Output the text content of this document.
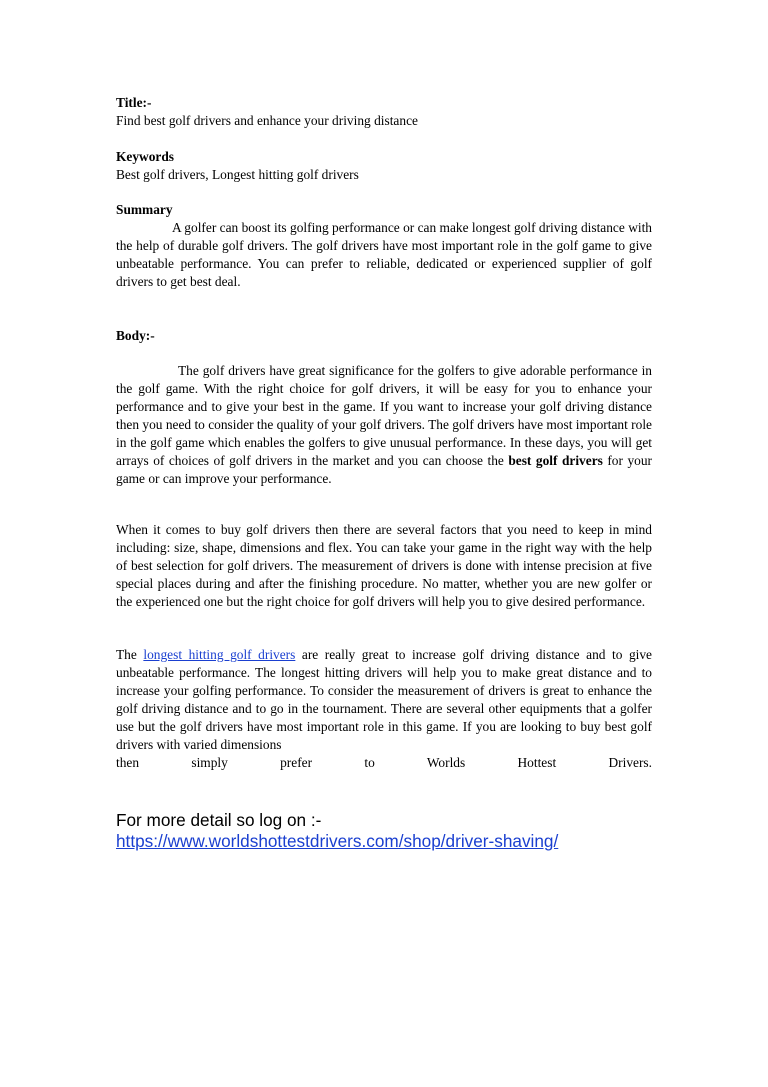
Title:-

Find best golf drivers and enhance your driving distance

Keywords

Best golf drivers, Longest hitting golf drivers

Summary

A golfer can boost its golfing performance or can make longest golf driving distance with the help of durable golf drivers. The golf drivers have most important role in the golf game to give unbeatable performance. You can prefer to reliable, dedicated or experienced supplier of golf drivers to get best deal.

Body:-

The golf drivers have great significance for the golfers to give adorable performance in the golf game. With the right choice for golf drivers, it will be easy for you to enhance your performance and to give your best in the game. If you want to increase your golf driving distance then you need to consider the quality of your golf drivers. The golf drivers have most important role in the golf game which enables the golfers to give unusual performance. In these days, you will get arrays of choices of golf drivers in the market and you can choose the best golf drivers for your game or can improve your performance.

When it comes to buy golf drivers then there are several factors that you need to keep in mind including: size, shape, dimensions and flex. You can take your game in the right way with the help of best selection for golf drivers. The measurement of drivers is done with intense precision at five special places during and after the finishing procedure. No matter, whether you are new golfer or the experienced one but the right choice for golf drivers will help you to give desired performance.

The longest hitting golf drivers are really great to increase golf driving distance and to give unbeatable performance. The longest hitting drivers will help you to make great distance and to increase your golfing performance. To consider the measurement of drivers is great to enhance the golf driving distance and to go in the tournament. There are several other equipments that a golfer use but the golf drivers have most important role in this game. If you are looking to buy best golf drivers with varied dimensions

then simply prefer to Worlds Hottest Drivers.

For more detail so log on :-
https://www.worldshottestdrivers.com/shop/driver-shaving/
